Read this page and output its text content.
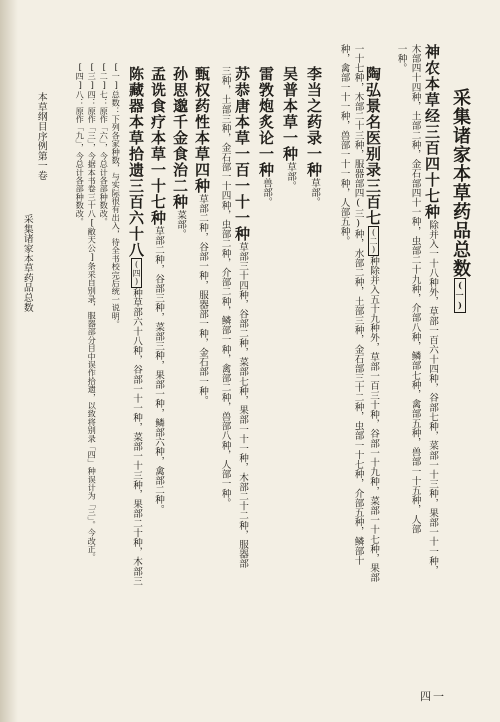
采集诸家本草药品总数(一)
神农本草经三百四十七种除并入一十八种外，草部一百六十四种，谷部七种，菜部一十三种，果部一十一种，
木部四十四种，土部二种，金石部四十一种，虫部二十九种，介部八种，鳞部七种，禽部五种，兽部一十五种，人部
一种。
陶弘景名医别录三百七(二)种除并入五十九种外，草部一百三十种，谷部一十九种，菜部一十七种，果部
一十七种，木部二十三种，服器部四(三)种，水部二种，土部三种，金石部三十二种，虫部一十七种，介部五种，鳞部十
种，禽部一十一种，兽部一十一种，人部五种。
李当之药录一种草部。
吴普本草一种草部。
雷敩炮炙论一种兽部。
苏恭唐本草一百一十一种草部三十四种，谷部二种，菜部七种，果部一十一种，木部二十二种，服器部
三种，土部三种，金石部一十四种，虫部二种，介部二种，鳞部一种，禽部二种，兽部八种，人部一种。
甄权药性本草四种草部二种，谷部一种，服器部一种，金石部一种。
孙思邈千金食治二种菜部。
孟诜食疗本草一十七种草部二种，谷部三种，菜部三种，果部一种，鳞部六种，禽部二种。
陈藏器本草拾遗三百六十八(四)种草部六十八种，谷部一十一种，菜部一十三种，果部二十种，木部三
[一]总数：下列各家种数，与实际很有出入，待全书校完后统一说明。
[二]七：原作「六」，今总计各部种数改。
[三]四：原作「三」，今据本书卷三十八[敝天公]条采自别录，服器部分目中误作拾遗，以致将别录「四」种误计为「三」。今改正。
[四]八：原作「九」，今总计各部种数改。
本草纲目序例第一卷
采集诸家本草药品总数
四一
